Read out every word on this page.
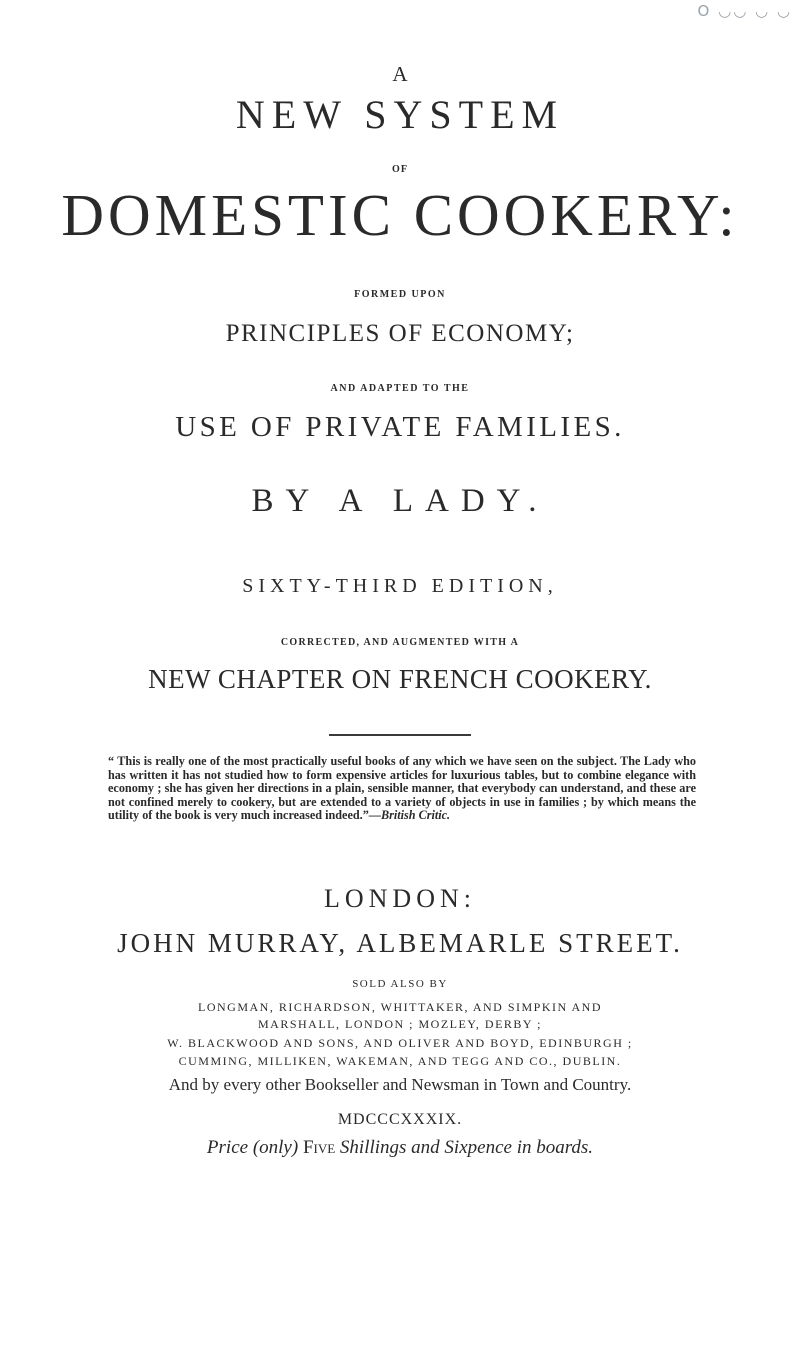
O ◡◡ ◡ ◡
A
NEW SYSTEM
OF
DOMESTIC COOKERY:
FORMED UPON
PRINCIPLES OF ECONOMY;
AND ADAPTED TO THE
USE OF PRIVATE FAMILIES.
BY A LADY.
SIXTY-THIRD EDITION,
CORRECTED, AND AUGMENTED WITH A
NEW CHAPTER ON FRENCH COOKERY.
“ This is really one of the most practically useful books of any which we have seen on the subject. The Lady who has written it has not studied how to form expensive articles for luxurious tables, but to combine elegance with economy ; she has given her directions in a plain, sensible manner, that everybody can understand, and these are not confined merely to cookery, but are extended to a variety of objects in use in families ; by which means the utility of the book is very much increased indeed.”—British Critic.
LONDON:
JOHN MURRAY, ALBEMARLE STREET.
SOLD ALSO BY
LONGMAN, RICHARDSON, WHITTAKER, AND SIMPKIN AND
MARSHALL, LONDON ; MOZLEY, DERBY ;
W. BLACKWOOD AND SONS, AND OLIVER AND BOYD, EDINBURGH ;
CUMMING, MILLIKEN, WAKEMAN, AND TEGG AND CO., DUBLIN.
And by every other Bookseller and Newsman in Town and Country.
MDCCCXXXIX.
Price (only) Five Shillings and Sixpence in boards.
